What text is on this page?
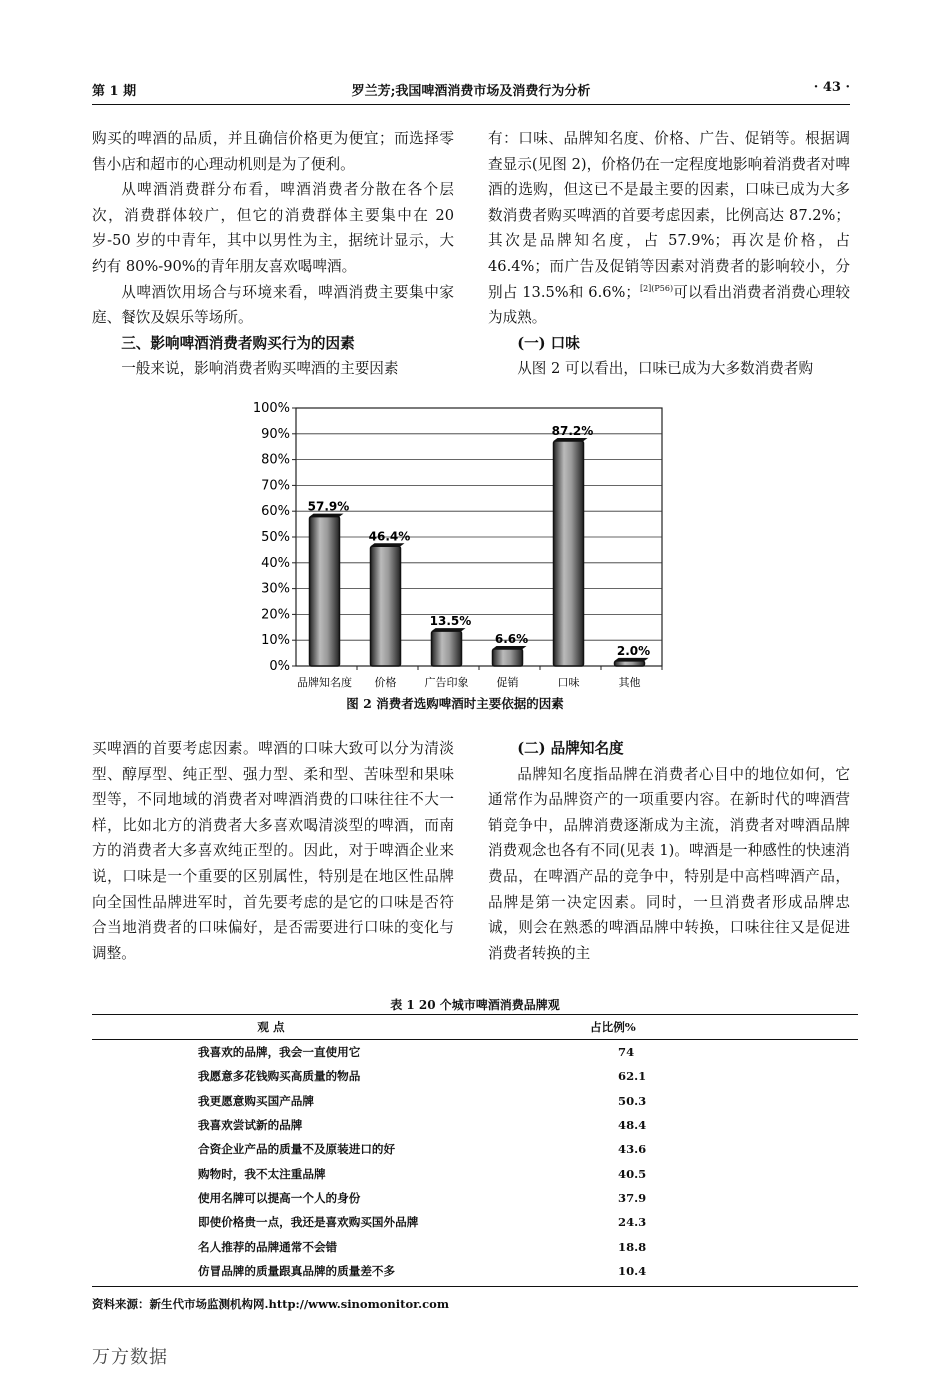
第 1 期	罗兰芳;我国啤酒消费市场及消费行为分析	· 43 ·

购买的啤酒的品质，并且确信价格更为便宜；而选择零售小店和超市的心理动机则是为了便利。

从啤酒消费群分布看，啤酒消费者分散在各个层次，消费群体较广，但它的消费群体主要集中在 20 岁-50 岁的中青年，其中以男性为主，据统计显示，大约有 80%-90%的青年朋友喜欢喝啤酒。

从啤酒饮用场合与环境来看，啤酒消费主要集中家庭、餐饮及娱乐等场所。

三、影响啤酒消费者购买行为的因素

一般来说，影响消费者购买啤酒的主要因素

有：口味、品牌知名度、价格、广告、促销等。根据调查显示(见图 2)，价格仍在一定程度地影响着消费者对啤酒的选购，但这已不是最主要的因素，口味已成为大多数消费者购买啤酒的首要考虑因素，比例高达 87.2%；其次是品牌知名度，占 57.9%；再次是价格，占 46.4%；而广告及促销等因素对消费者的影响较小，分别占 13.5%和 6.6%；$^{[2](P56)}$可以看出消费者消费心理较为成熟。

(一) 口味

从图 2 可以看出，口味已成为大多数消费者购

0%
10%
20%
30%
40%
50%
60%
70%
80%
90%
100%
57.9%
品牌知名度
46.4%
价格
13.5%
广告印象
6.6%
促销
87.2%
口味
2.0%
其他
图 2 消费者选购啤酒时主要依据的因素

买啤酒的首要考虑因素。啤酒的口味大致可以分为清淡型、醇厚型、纯正型、强力型、柔和型、苦味型和果味型等，不同地域的消费者对啤酒消费的口味往往不大一样，比如北方的消费者大多喜欢喝清淡型的啤酒，而南方的消费者大多喜欢纯正型的。因此，对于啤酒企业来说，口味是一个重要的区别属性，特别是在地区性品牌向全国性品牌进军时，首先要考虑的是它的口味是否符合当地消费者的口味偏好，是否需要进行口味的变化与调整。

(二) 品牌知名度

品牌知名度指品牌在消费者心目中的地位如何，它通常作为品牌资产的一项重要内容。在新时代的啤酒营销竞争中，品牌消费逐渐成为主流，消费者对啤酒品牌消费观念也各有不同(见表 1)。啤酒是一种感性的快速消费品，在啤酒产品的竞争中，特别是中高档啤酒产品，品牌是第一决定因素。同时，一旦消费者形成品牌忠诚，则会在熟悉的啤酒品牌中转换，口味往往又是促进消费者转换的主

表 1 20 个城市啤酒消费品牌观
观 点	占比例%
我喜欢的品牌，我会一直使用它	74
我愿意多花钱购买高质量的物品	62.1
我更愿意购买国产品牌	50.3
我喜欢尝试新的品牌	48.4
合资企业产品的质量不及原装进口的好	43.6
购物时，我不太注重品牌	40.5
使用名牌可以提高一个人的身份	37.9
即使价格贵一点，我还是喜欢购买国外品牌	24.3
名人推荐的品牌通常不会错	18.8
仿冒品牌的质量跟真品牌的质量差不多	10.4
资料来源：新生代市场监测机构网.http://www.sinomonitor.com
万方数据
